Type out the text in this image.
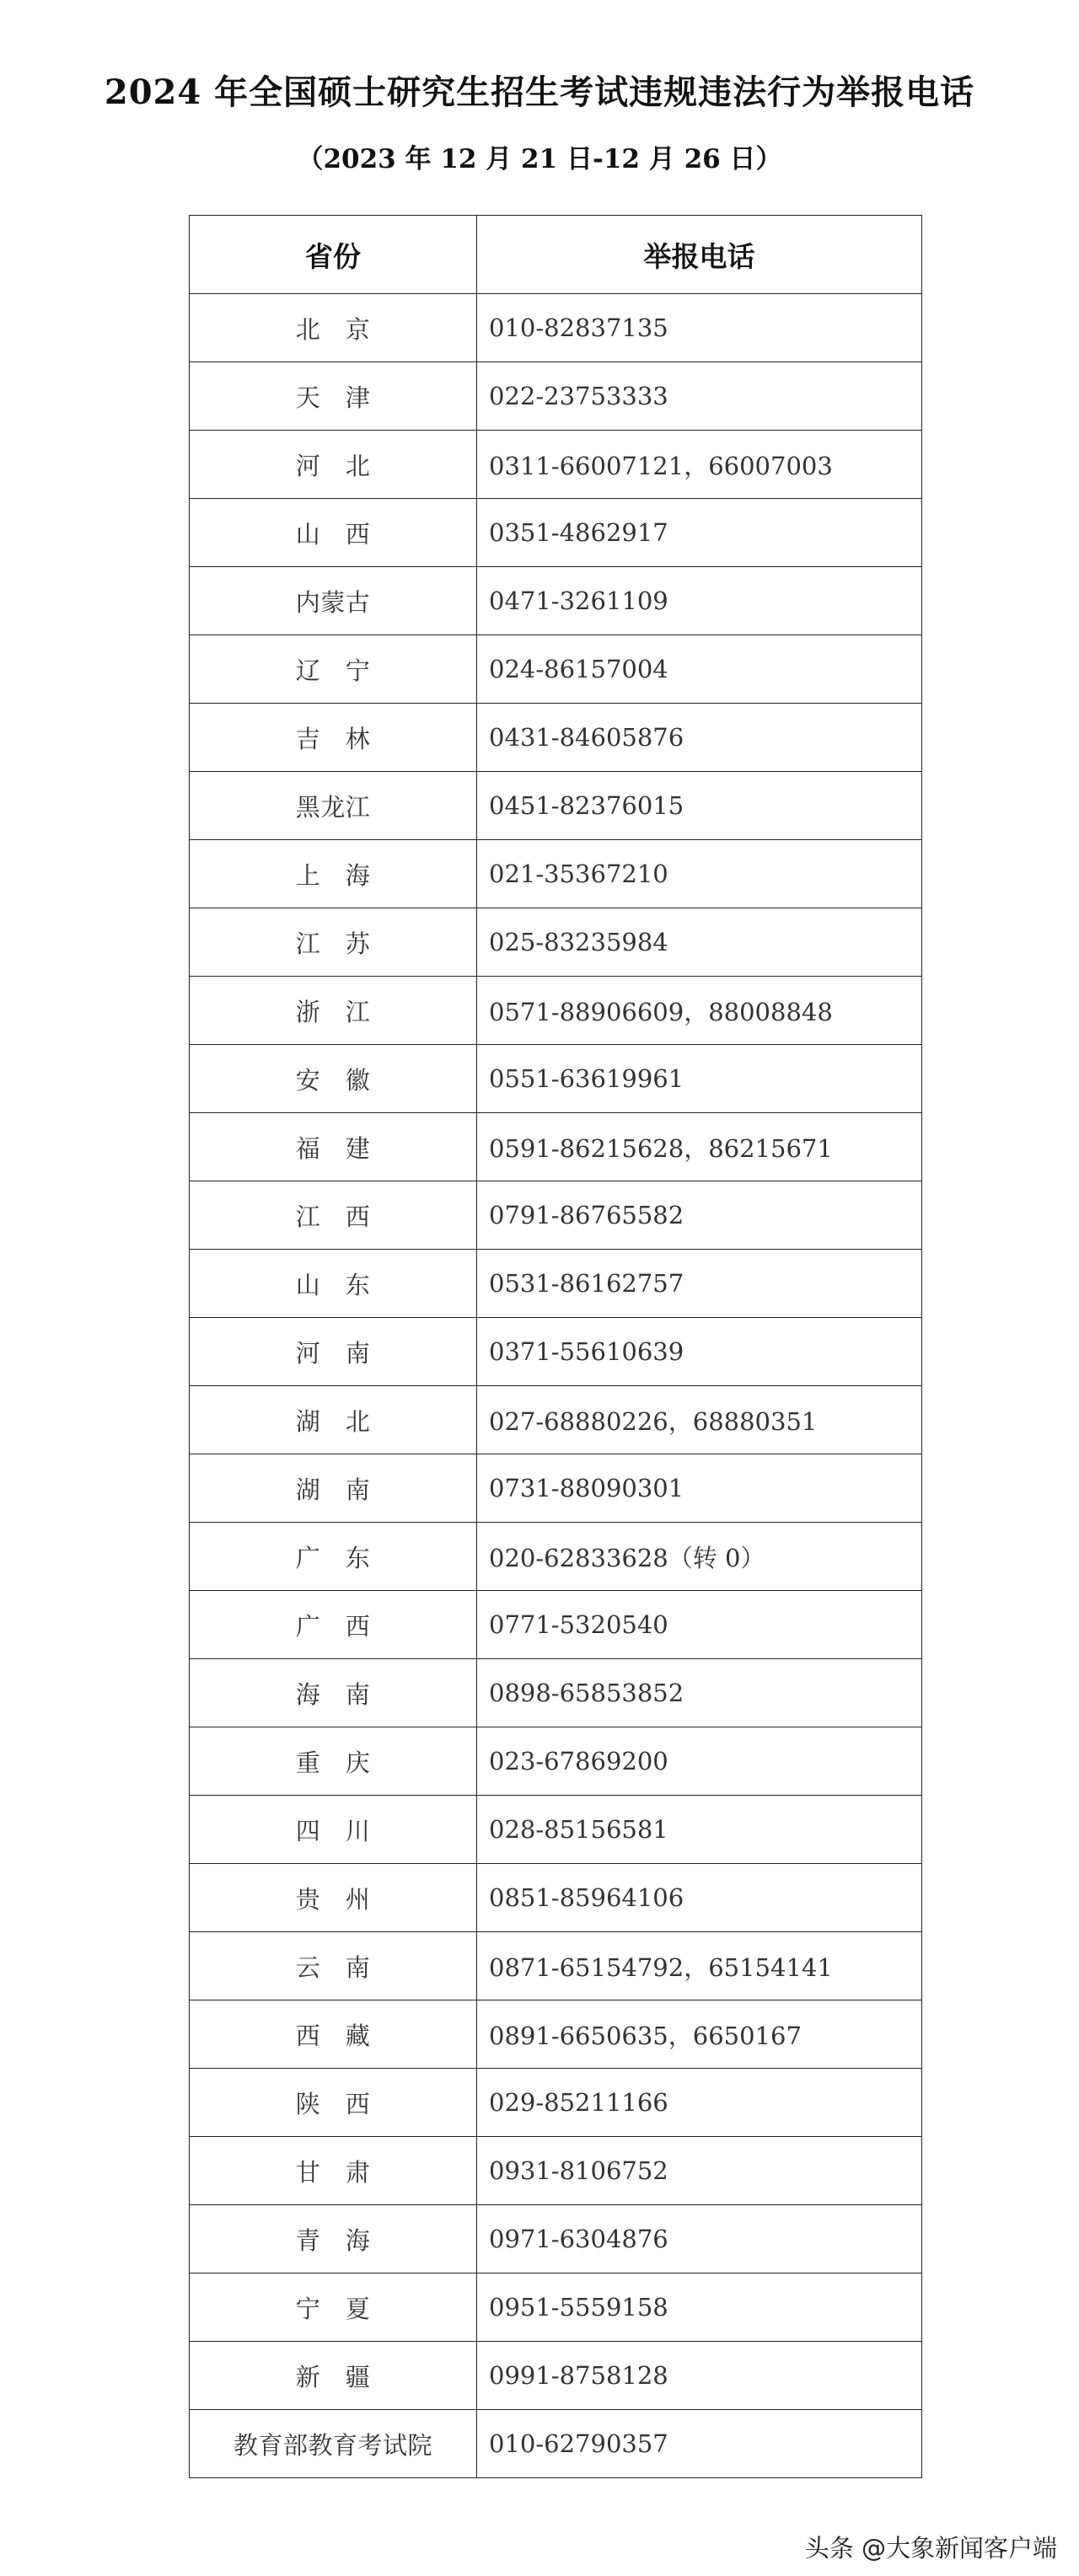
2024 年全国硕士研究生招生考试违规违法行为举报电话
（2023 年 12 月 21 日-12 月 26 日）
省份	举报电话
北　京	010-82837135
天　津	022-23753333
河　北	0311-66007121，66007003
山　西	0351-4862917
内蒙古	0471-3261109
辽　宁	024-86157004
吉　林	0431-84605876
黑龙江	0451-82376015
上　海	021-35367210
江　苏	025-83235984
浙　江	0571-88906609，88008848
安　徽	0551-63619961
福　建	0591-86215628，86215671
江　西	0791-86765582
山　东	0531-86162757
河　南	0371-55610639
湖　北	027-68880226，68880351
湖　南	0731-88090301
广　东	020-62833628（转 0）
广　西	0771-5320540
海　南	0898-65853852
重　庆	023-67869200
四　川	028-85156581
贵　州	0851-85964106
云　南	0871-65154792，65154141
西　藏	0891-6650635，6650167
陕　西	029-85211166
甘　肃	0931-8106752
青　海	0971-6304876
宁　夏	0951-5559158
新　疆	0991-8758128
教育部教育考试院	010-62790357
头条 @大象新闻客户端
